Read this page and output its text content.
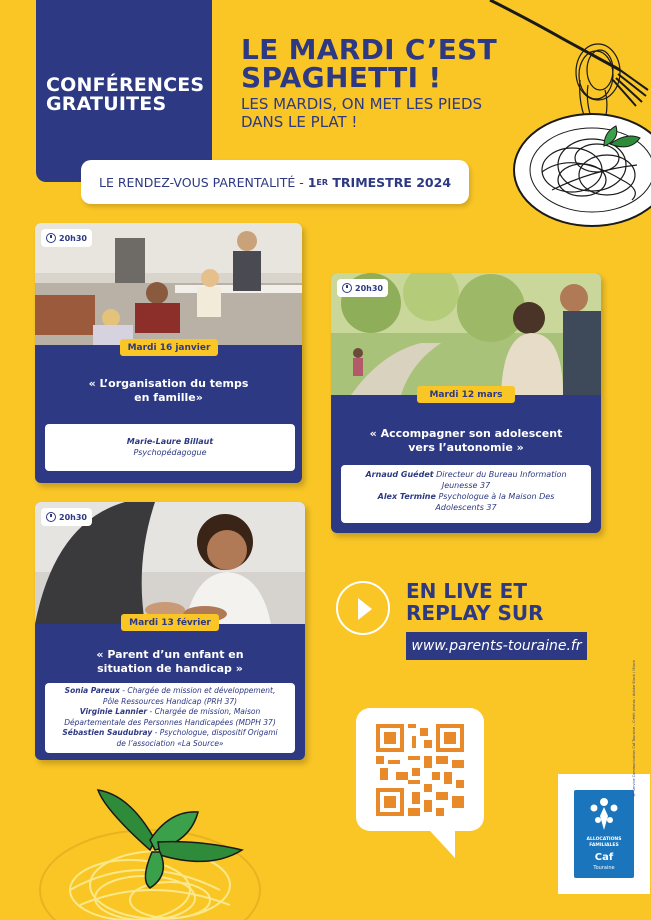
CONFÉRENCES
GRATUITES
LE MARDI C’EST
SPAGHETTI !
LES MARDIS, ON MET LES PIEDS
DANS LE PLAT !
LE RENDEZ-VOUS PARENTALITÉ - 1 ER TRIMESTRE 2024
20h30
Mardi 16 janvier
« L’organisation du temps
en famille»
Marie-Laure Billaut
Psychopédagogue
20h30
Mardi 12 mars
« Accompagner son adolescent
vers l’autonomie »
Arnaud Guédet Directeur du Bureau Information
Jeunesse 37
Alex Termine Psychologue à la Maison Des
Adolescents 37
20h30
Mardi 13 février
« Parent d’un enfant en
situation de handicap »
Sonia Pareux - Chargée de mission et développement,
Pôle Ressources Handicap (PRH 37)
Virginie Lannier - Chargée de mission, Maison
Départementale des Personnes Handicapées (MDPH 37)
Sébastien Saudubray - Psychologue, dispositif Origami
de l’association «La Source»
EN LIVE ET
REPLAY SUR
www.parents-touraine.fr
ALLOCATIONS
FAMILIALES
Caf
Touraine
© Service Communication Caf Touraine – Crédit photos : Adobe Stock / iStock
